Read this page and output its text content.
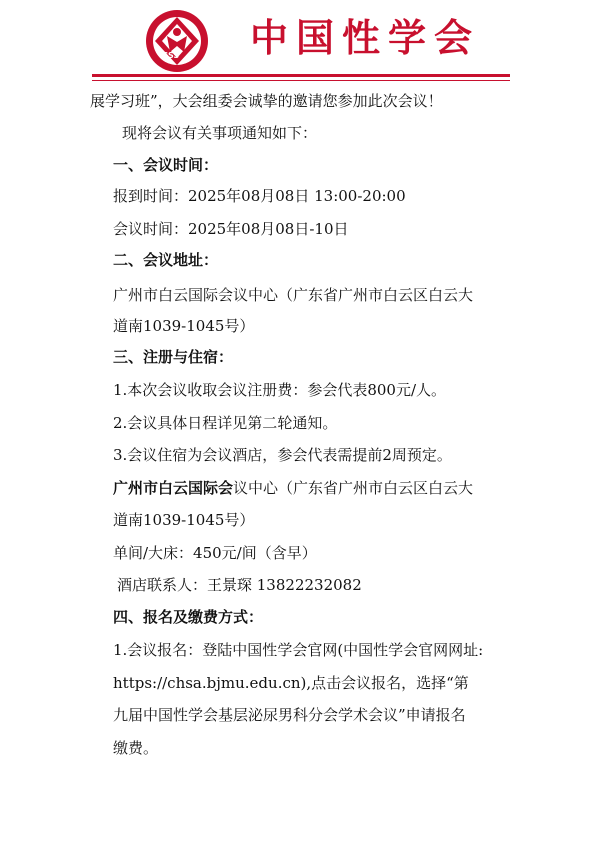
CSS 中国性学会
展学习班”，大会组委会诚挚的邀请您参加此次会议！
现将会议有关事项通知如下：
一、会议时间：
报到时间：2025年08月08日 13:00-20:00
会议时间：2025年08月08日-10日
二、会议地址：
广州市白云国际会议中心（广东省广州市白云区白云大
道南1039-1045号）
三、注册与住宿：
1.本次会议收取会议注册费：参会代表800元/人。
2.会议具体日程详见第二轮通知。
3.会议住宿为会议酒店，参会代表需提前2周预定。
广州市白云国际会议中心（广东省广州市白云区白云大
道南1039-1045号）
单间/大床：450元/间（含早）
酒店联系人：王景琛 13822232082
四、报名及缴费方式：
1.会议报名：登陆中国性学会官网(中国性学会官网网址:
https://chsa.bjmu.edu.cn),点击会议报名，选择“第
九届中国性学会基层泌尿男科分会学术会议”申请报名
缴费。
